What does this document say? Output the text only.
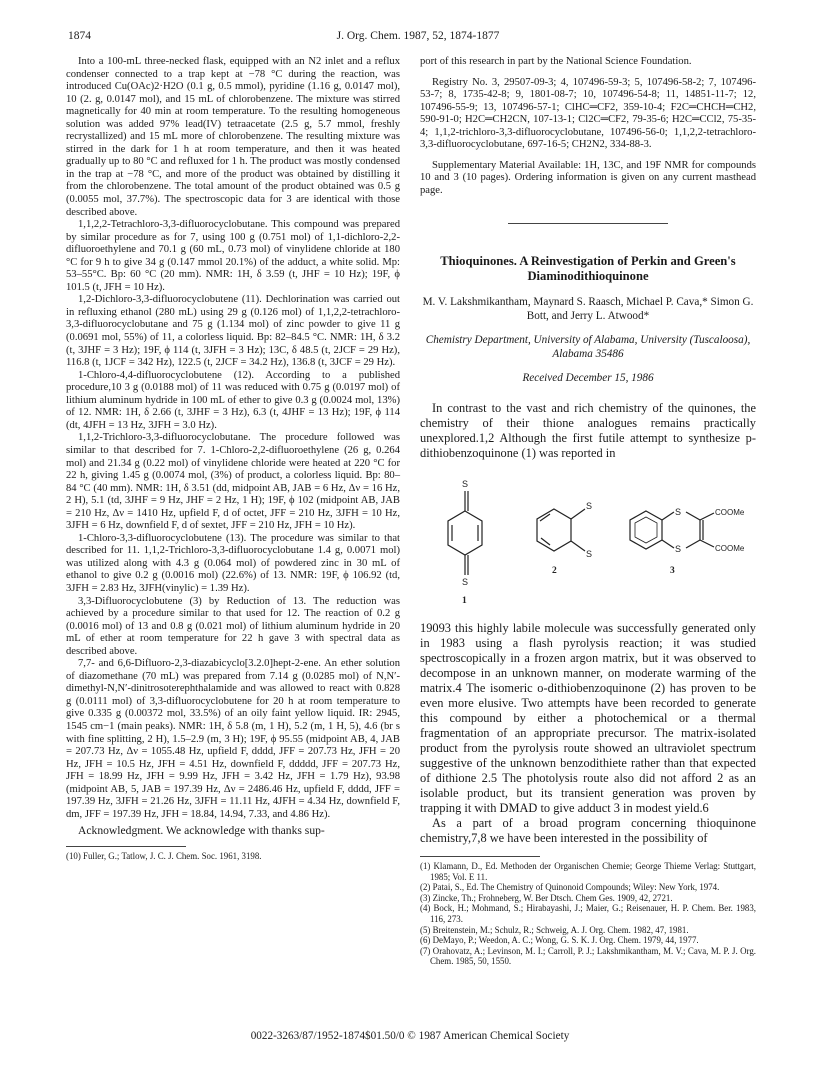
1874	J. Org. Chem. 1987, 52, 1874-1877

Into a 100-mL three-necked flask, equipped with an N2 inlet and a reflux condenser connected to a trap kept at −78 °C during the reaction, was introduced Cu(OAc)2·H2O (0.1 g, 0.5 mmol), pyridine (1.16 g, 0.0147 mol), 10 (2. g, 0.0147 mol), and 15 mL of chlorobenzene. The mixture was stirred magnetically for 40 min at room temperature. To the resulting homogeneous solution was added 97% lead(IV) tetraacetate (2.5 g, 5.7 mmol, freshly recrystallized) and 15 mL more of chlorobenzene. The resulting mixture was stirred in the dark for 1 h at room temperature, and then it was heated gradually up to 80 °C and refluxed for 1 h. The product was mostly condensed in the trap at −78 °C, and more of the product was obtained by distilling it from the chlorobenzene. The total amount of the product obtained was 0.5 g (0.0055 mol, 37.7%). The spectroscopic data for 3 are identical with those described above.

1,1,2,2-Tetrachloro-3,3-difluorocyclobutane. This compound was prepared by similar procedure as for 7, using 100 g (0.751 mol) of 1,1-dichloro-2,2-difluoroethylene and 70.1 g (60 mL, 0.73 mol) of vinylidene chloride at 180 °C for 9 h to give 34 g (0.147 mmol 20.1%) of the adduct, a white solid. Mp: 53–55°C. Bp: 60 °C (20 mm). NMR: 1H, δ 3.59 (t, JHF = 10 Hz); 19F, ϕ 101.5 (t, JFH = 10 Hz).

1,2-Dichloro-3,3-difluorocyclobutene (11). Dechlorination was carried out in refluxing ethanol (280 mL) using 29 g (0.126 mol) of 1,1,2,2-tetrachloro-3,3-difluorocyclobutane and 75 g (1.134 mol) of zinc powder to give 11 g (0.0691 mol, 55%) of 11, a colorless liquid. Bp: 82–84.5 °C. NMR: 1H, δ 3.2 (t, 3JHF = 3 Hz); 19F, ϕ 114 (t, 3JFH = 3 Hz); 13C, δ 48.5 (t, 2JCF = 29 Hz), 116.8 (t, 1JCF = 342 Hz), 122.5 (t, 2JCF = 34.2 Hz), 136.8 (t, 3JCF = 29 Hz).

1-Chloro-4,4-difluorocyclobutene (12). According to a published procedure,10 3 g (0.0188 mol) of 11 was reduced with 0.75 g (0.0197 mol) of lithium aluminum hydride in 100 mL of ether to give 0.3 g (0.0024 mol, 13%) of 12. NMR: 1H, δ 2.66 (t, 3JHF = 3 Hz), 6.3 (t, 4JHF = 13 Hz); 19F, ϕ 114 (dt, 4JFH = 13 Hz, 3JFH = 3.0 Hz).

1,1,2-Trichloro-3,3-difluorocyclobutane. The procedure followed was similar to that described for 7. 1-Chloro-2,2-difluoroethylene (26 g, 0.264 mol) and 21.34 g (0.22 mol) of vinylidene chloride were heated at 220 °C for 22 h, giving 1.45 g (0.0074 mol, (3%) of product, a colorless liquid. Bp: 80–84 °C (40 mm). NMR: 1H, δ 3.51 (dd, midpoint AB, JAB = 6 Hz, Δν = 16 Hz, 2 H), 5.1 (td, 3JHF = 9 Hz, JHF = 2 Hz, 1 H); 19F, ϕ 102 (midpoint AB, JAB = 210 Hz, Δν = 1410 Hz, upfield F, d of octet, JFF = 210 Hz, 3JFH = 10 Hz, 3JFH = 6 Hz, downfield F, d of sextet, JFF = 210 Hz, JFH = 10 Hz).

1-Chloro-3,3-difluorocyclobutene (13). The procedure was similar to that described for 11. 1,1,2-Trichloro-3,3-difluorocyclobutane 1.4 g, 0.0071 mol) was utilized along with 4.3 g (0.064 mol) of powdered zinc in 30 mL of ethanol to give 0.2 g (0.0016 mol) (22.6%) of 13. NMR: 19F, ϕ 106.92 (td, 3JFH = 2.83 Hz, 3JFH(vinylic) = 1.39 Hz).

3,3-Difluorocyclobutene (3) by Reduction of 13. The reduction was achieved by a procedure similar to that used for 12. The reaction of 0.2 g (0.0016 mol) of 13 and 0.8 g (0.021 mol) of lithium aluminum hydride in 20 mL of ether at room temperature for 22 h gave 3 with spectral data as described above.

7,7- and 6,6-Difluoro-2,3-diazabicyclo[3.2.0]hept-2-ene. An ether solution of diazomethane (70 mL) was prepared from 7.14 g (0.0285 mol) of N,N′-dimethyl-N,N′-dinitrosoterephthalamide and was allowed to react with 0.828 g (0.0111 mol) of 3,3-difluorocyclobutene for 20 h at room temperature to give 0.335 g (0.00372 mol, 33.5%) of an oily faint yellow liquid. IR: 2945, 1545 cm−1 (main peaks). NMR: 1H, δ 5.8 (m, 1 H), 5.2 (m, 1 H, 5), 4.6 (br s with fine splitting, 2 H), 1.5–2.9 (m, 3 H); 19F, ϕ 95.55 (midpoint AB, 4, JAB = 207.73 Hz, Δν = 1055.48 Hz, upfield F, dddd, JFF = 207.73 Hz, JFH = 20 Hz, JFH = 10.5 Hz, JFH = 4.51 Hz, downfield F, ddddd, JFF = 207.73 Hz, JFH = 18.99 Hz, JFH = 9.99 Hz, JFH = 3.42 Hz, JFH = 1.79 Hz), 93.98 (midpoint AB, 5, JAB = 197.39 Hz, Δν = 2486.46 Hz, upfield F, dddd, JFF = 197.39 Hz, 3JFH = 21.26 Hz, 3JFH = 11.11 Hz, 4JFH = 4.34 Hz, downfield F, dm, JFF = 197.39 Hz, JFH = 18.84, 14.94, 7.33, and 4.86 Hz).

Acknowledgment. We acknowledge with thanks sup-

(10) Fuller, G.; Tatlow, J. C. J. Chem. Soc. 1961, 3198.

port of this research in part by the National Science Foundation.

Registry No. 3, 29507-09-3; 4, 107496-59-3; 5, 107496-58-2; 7, 107496-53-7; 8, 1735-42-8; 9, 1801-08-7; 10, 107496-54-8; 11, 14851-11-7; 12, 107496-55-9; 13, 107496-57-1; ClHC═CF2, 359-10-4; F2C═CHCH═CH2, 590-91-0; H2C═CH2CN, 107-13-1; Cl2C═CF2, 79-35-6; H2C═CCl2, 75-35-4; 1,1,2-trichloro-3,3-difluorocyclobutane, 107496-56-0; 1,1,2,2-tetrachloro-3,3-difluorocyclobutane, 697-16-5; CH2N2, 334-88-3.

Supplementary Material Available: 1H, 13C, and 19F NMR for compounds 10 and 3 (10 pages). Ordering information is given on any current masthead page.

Thioquinones. A Reinvestigation of Perkin and Green's Diaminodithioquinone
M. V. Lakshmikantham, Maynard S. Raasch, Michael P. Cava,* Simon G. Bott, and Jerry L. Atwood*
Chemistry Department, University of Alabama, University (Tuscaloosa), Alabama 35486
Received December 15, 1986

In contrast to the vast and rich chemistry of the quinones, the chemistry of their thione analogues remains practically unexplored.1,2 Although the first futile attempt to synthesize p-dithiobenzoquinone (1) was reported in

S
S
S
S
S
S
COOMe
COOMe
1
2	3

19093 this highly labile molecule was successfully generated only in 1983 using a flash pyrolysis reaction; it was studied spectroscopically in a frozen argon matrix, but it was observed to decompose in an unknown manner, on moderate warming of the matrix.4 The isomeric o-dithiobenzoquinone (2) has proven to be even more elusive. Two attempts have been recorded to generate this compound by either a photochemical or a thermal fragmentation of an appropriate precursor. The matrix-isolated product from the pyrolysis route showed an ultraviolet spectrum suggestive of the unknown benzodithiete rather than that expected of dithione 2.5 The photolysis route also did not afford 2 as an isolable product, but its transient generation was proven by trapping it with DMAD to give adduct 3 in modest yield.6

As a part of a broad program concerning thioquinone chemistry,7,8 we have been interested in the possibility of

(1) Klamann, D., Ed. Methoden der Organischen Chemie; George Thieme Verlag: Stuttgart, 1985; Vol. E 11.

(2) Patai, S., Ed. The Chemistry of Quinonoid Compounds; Wiley: New York, 1974.

(3) Zincke, Th.; Frohneberg, W. Ber Dtsch. Chem Ges. 1909, 42, 2721.

(4) Bock, H.; Mohmand, S.; Hirabayashi, J.; Maier, G.; Reisenauer, H. P. Chem. Ber. 1983, 116, 273.

(5) Breitenstein, M.; Schulz, R.; Schweig, A. J. Org. Chem. 1982, 47, 1981.

(6) DeMayo, P.; Weedon, A. C.; Wong, G. S. K. J. Org. Chem. 1979, 44, 1977.

(7) Orahovatz, A.; Levinson, M. I.; Carroll, P. J.; Lakshmikantham, M. V.; Cava, M. P. J. Org. Chem. 1985, 50, 1550.

0022-3263/87/1952-1874$01.50/0 © 1987 American Chemical Society
